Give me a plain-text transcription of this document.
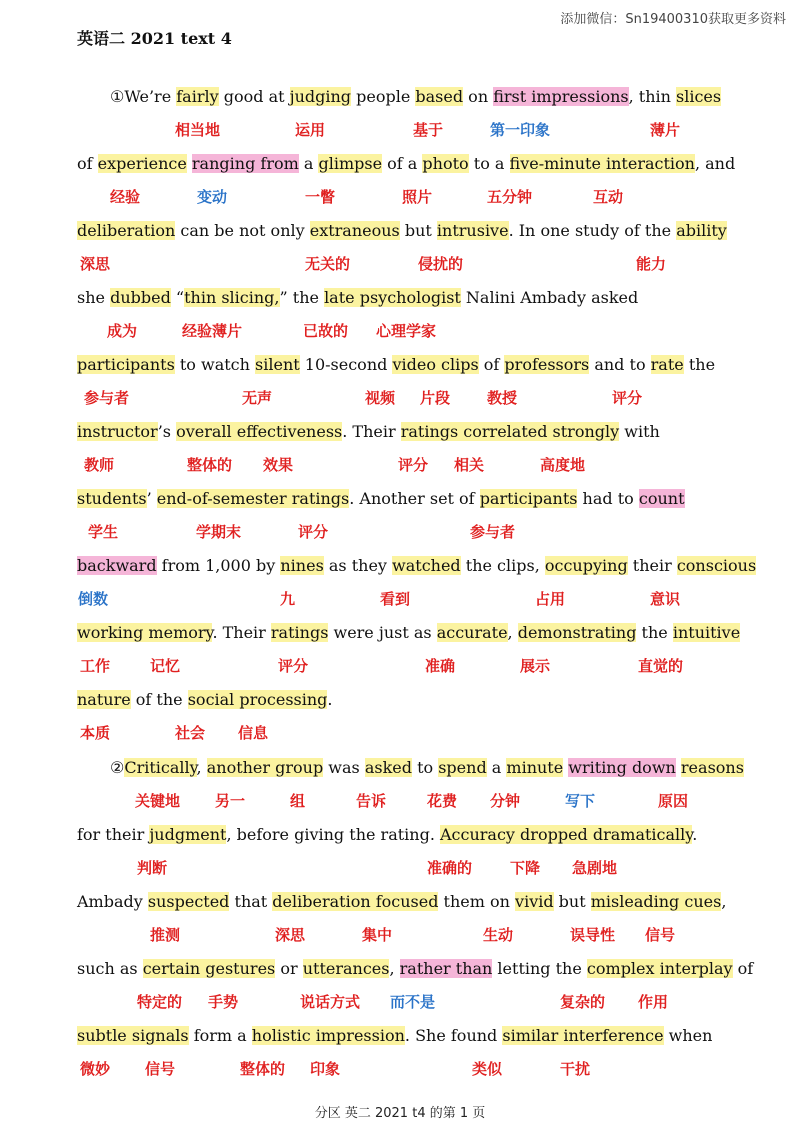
添加微信：Sn19400310获取更多资料
英语二 2021 text 4
①We’re fairly good at judging people based on first impressions, thin slices
of experience ranging from a glimpse of a photo to a five-minute interaction, and
deliberation can be not only extraneous but intrusive. In one study of the ability
she dubbed “thin slicing,” the late psychologist Nalini Ambady asked
participants to watch silent 10-second video clips of professors and to rate the
instructor’s overall effectiveness. Their ratings correlated strongly with
students’ end-of-semester ratings. Another set of participants had to count
backward from 1,000 by nines as they watched the clips, occupying their conscious
working memory. Their ratings were just as accurate, demonstrating the intuitive
nature of the social processing.
②Critically, another group was asked to spend a minute writing down reasons
for their judgment, before giving the rating. Accuracy dropped dramatically.
Ambady suspected that deliberation focused them on vivid but misleading cues,
such as certain gestures or utterances, rather than letting the complex interplay of
subtle signals form a holistic impression. She found similar interference when
相当地	运用	基于	第一印象	薄片
经验	变动	一瞥	照片	五分钟	互动
深思	无关的	侵扰的	能力
成为	经验薄片	已故的 心理学家
参与者	无声	视频 片段 教授	评分
教师	整体的 效果	评分 相关	高度地
学生	学期末	评分	参与者
倒数	九	看到	占用	意识
工作	记忆	评分	准确	展示	直觉的
本质	社会 信息
关键地 另一	组	告诉	花费 分钟	写下	原因
判断	准确的	下降 急剧地
推测	深思	集中	生动	误导性 信号
特定的 手势	说话方式 而不是	复杂的 作用
微妙 信号	整体的 印象	类似	干扰
分区 英二 2021 t4 的第 1 页
